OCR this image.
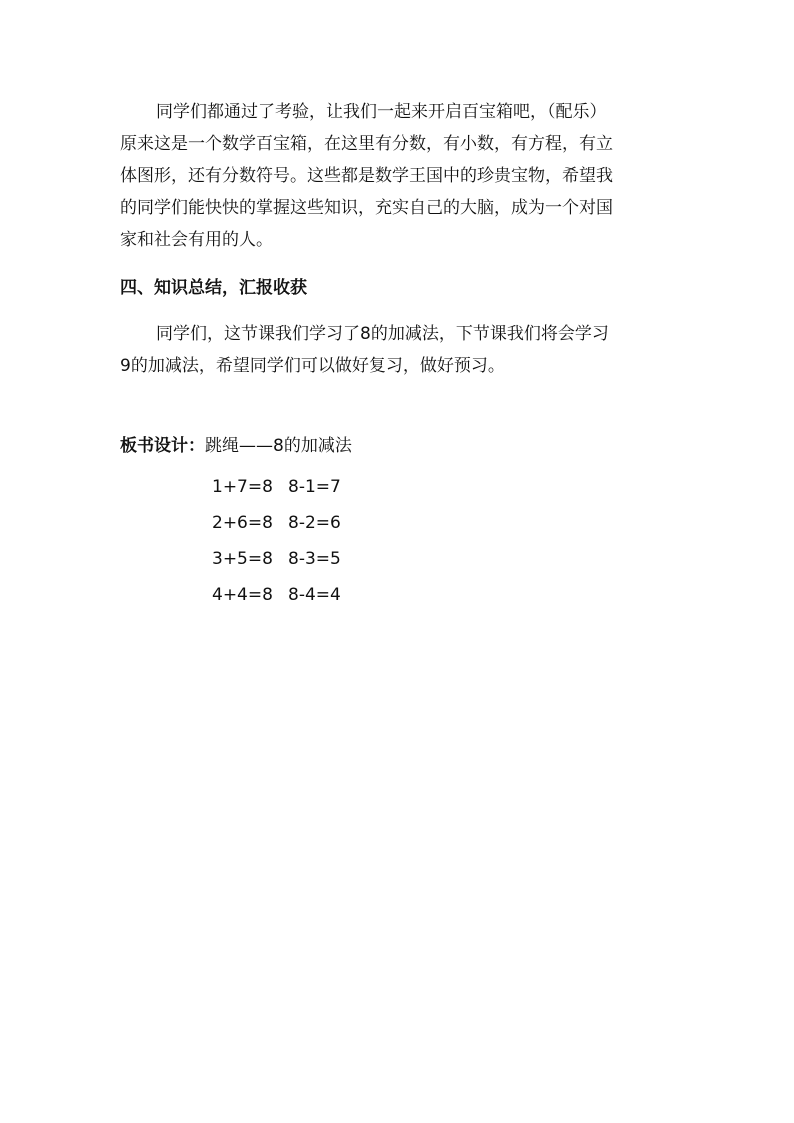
同学们都通过了考验，让我们一起来开启百宝箱吧，（配乐）
原来这是一个数学百宝箱，在这里有分数，有小数，有方程，有立
体图形，还有分数符号。这些都是数学王国中的珍贵宝物，希望我
的同学们能快快的掌握这些知识，充实自己的大脑，成为一个对国
家和社会有用的人。
四、知识总结，汇报收获
同学们，这节课我们学习了8的加减法，下节课我们将会学习
9的加减法，希望同学们可以做好复习，做好预习。
板书设计：跳绳——8的加减法
1+7=8 8-1=7
2+6=8 8-2=6
3+5=8 8-3=5
4+4=8 8-4=4
